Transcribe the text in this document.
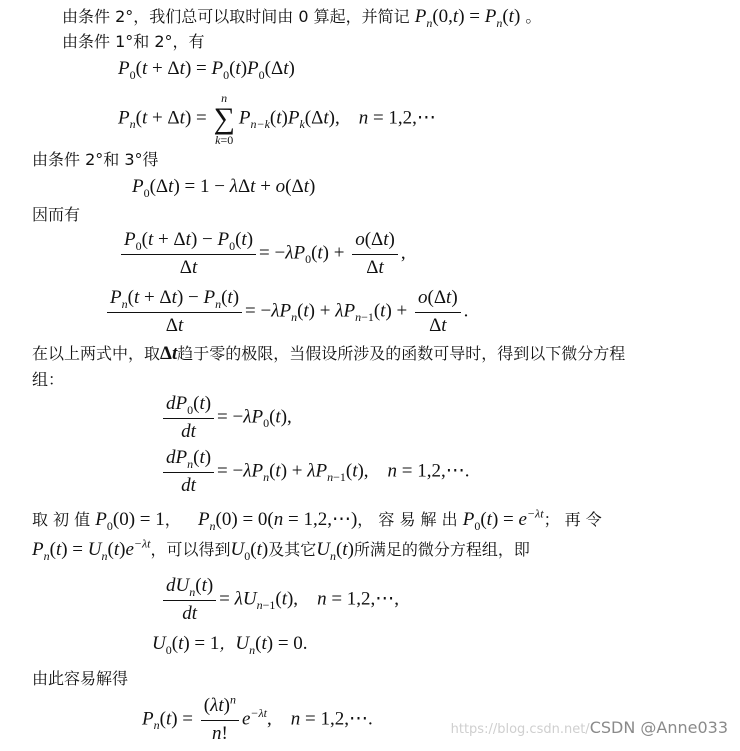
由条件 2°，我们总可以取时间由 0 算起，并简记 $P_n(0,t) = P_n(t)$ 。
由条件 1°和 2°，有
$P_0(t + \Delta t) = P_0(t)P_0(\Delta t)$
$P_n(t + \Delta t)$ =
n
∑
k=0
$P_{n-k}(t)P_k(\Delta t)$,    n = 1,2,⋯
由条件 2°和 3°得
$P_0(\Delta t) = 1 - \lambda\Delta t + o(\Delta t)$
因而有
$\frac{P_0(t + \Delta t) - P_0(t)}{\Delta t} = -\lambda P_0(t) + \frac{o(\Delta t)}{\Delta t}$ ,
$\frac{P_n(t + \Delta t) - P_n(t)}{\Delta t} = -\lambda P_n(t) + \lambda P_{n-1}(t) + \frac{o(\Delta t)}{\Delta t}$ .
在以上两式中，取Δt趋于零的极限，当假设所涉及的函数可导时，得到以下微分方程
组：
$\frac{dP_0(t)}{dt} = -\lambda P_0(t)$,
$\frac{dP_n(t)}{dt} = -\lambda P_n(t) + \lambda P_{n-1}(t)$,    n = 1,2,⋯.
取 初 值 $P_0(0) = 1$， $P_n(0) = 0(n$ = 1,2,⋯)， 容 易 解 出 $P_0(t) = e^{-\lambda t}$； 再 令
$P_n(t) = U_n(t)e^{-\lambda t}$，可以得到$U_0(t)$及其它$U_n(t)$所满足的微分方程组，即
$\frac{dU_n(t)}{dt} = \lambda U_{n-1}(t)$,    n = 1,2,⋯,
$U_0(t) = 1$，$U_n(t) = 0$.
由此容易解得
$P_n(t) = \frac{(\lambda t)^n}{n!} e^{-\lambda t}$,    n = 1,2,⋯.
https://blog.csdn.net/CSDN @Anne033
